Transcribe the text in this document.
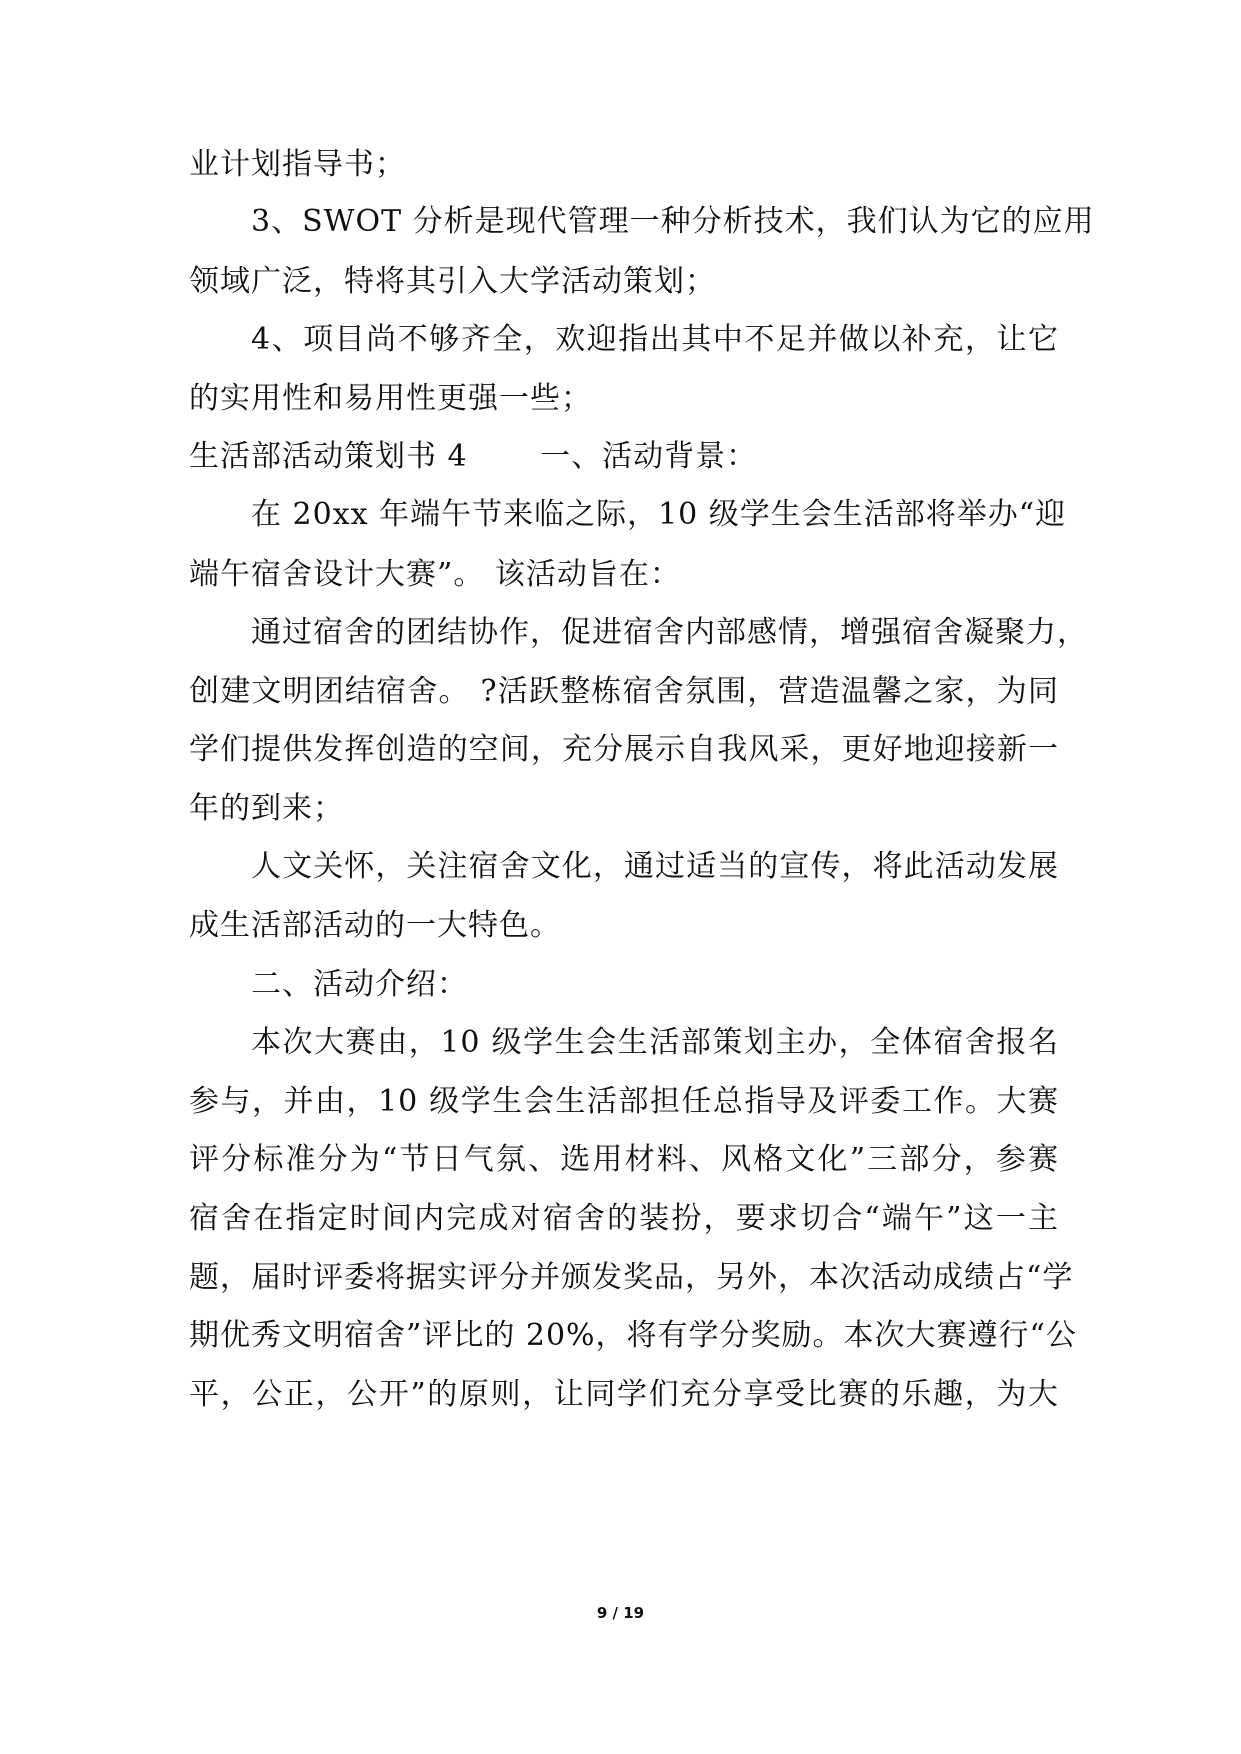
业计划指导书；
3、SWOT 分析是现代管理一种分析技术，我们认为它的应用
领域广泛，特将其引入大学活动策划；
4、项目尚不够齐全，欢迎指出其中不足并做以补充，让它
的实用性和易用性更强一些；
生活部活动策划书 4　　 一、活动背景：
在 20xx 年端午节来临之际，10 级学生会生活部将举办“迎
端午宿舍设计大赛”。 该活动旨在：
通过宿舍的团结协作，促进宿舍内部感情，增强宿舍凝聚力，
创建文明团结宿舍。 ?活跃整栋宿舍氛围，营造温馨之家，为同
学们提供发挥创造的空间，充分展示自我风采，更好地迎接新一
年的到来；
人文关怀，关注宿舍文化，通过适当的宣传，将此活动发展
成生活部活动的一大特色。
二、活动介绍：
本次大赛由，10 级学生会生活部策划主办，全体宿舍报名
参与，并由，10 级学生会生活部担任总指导及评委工作。大赛
评分标准分为“节日气氛、选用材料、风格文化”三部分，参赛
宿舍在指定时间内完成对宿舍的装扮，要求切合“端午”这一主
题，届时评委将据实评分并颁发奖品，另外，本次活动成绩占“学
期优秀文明宿舍”评比的 20%，将有学分奖励。本次大赛遵行“公
平，公正，公开”的原则，让同学们充分享受比赛的乐趣，为大
9 / 19
